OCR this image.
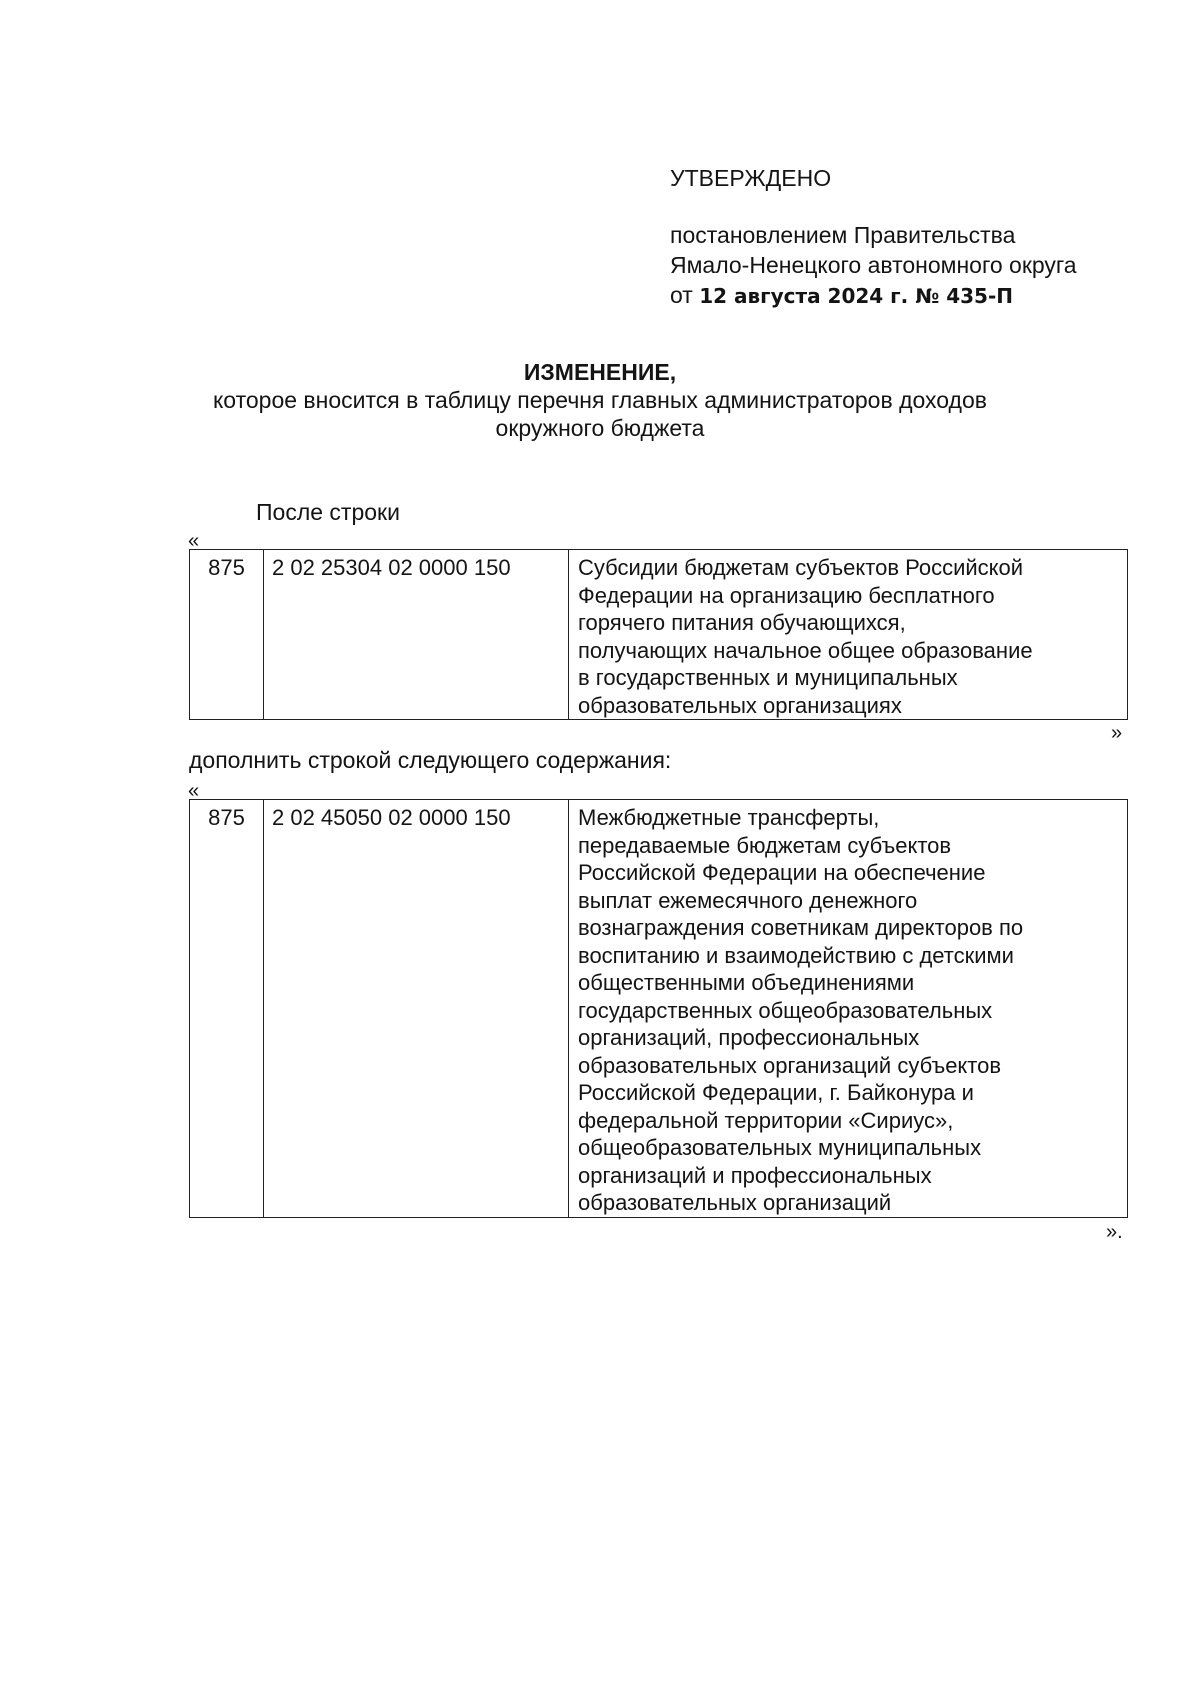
УТВЕРЖДЕНО
постановлением Правительства
Ямало-Ненецкого автономного округа
от 12 августа 2024 г. № 435-П
ИЗМЕНЕНИЕ,
которое вносится в таблицу перечня главных администраторов доходов
окружного бюджета
После строки
«
875	2 02 25304 02 0000 150	Субсидии бюджетам субъектов Российской
Федерации на организацию бесплатного
горячего питания обучающихся,
получающих начальное общее образование
в государственных и муниципальных
образовательных организациях
»
дополнить строкой следующего содержания:
«
875	2 02 45050 02 0000 150	Межбюджетные трансферты,
передаваемые бюджетам субъектов
Российской Федерации на обеспечение
выплат ежемесячного денежного
вознаграждения советникам директоров по
воспитанию и взаимодействию с детскими
общественными объединениями
государственных общеобразовательных
организаций, профессиональных
образовательных организаций субъектов
Российской Федерации, г. Байконура и
федеральной территории «Сириус»,
общеобразовательных муниципальных
организаций и профессиональных
образовательных организаций
».
